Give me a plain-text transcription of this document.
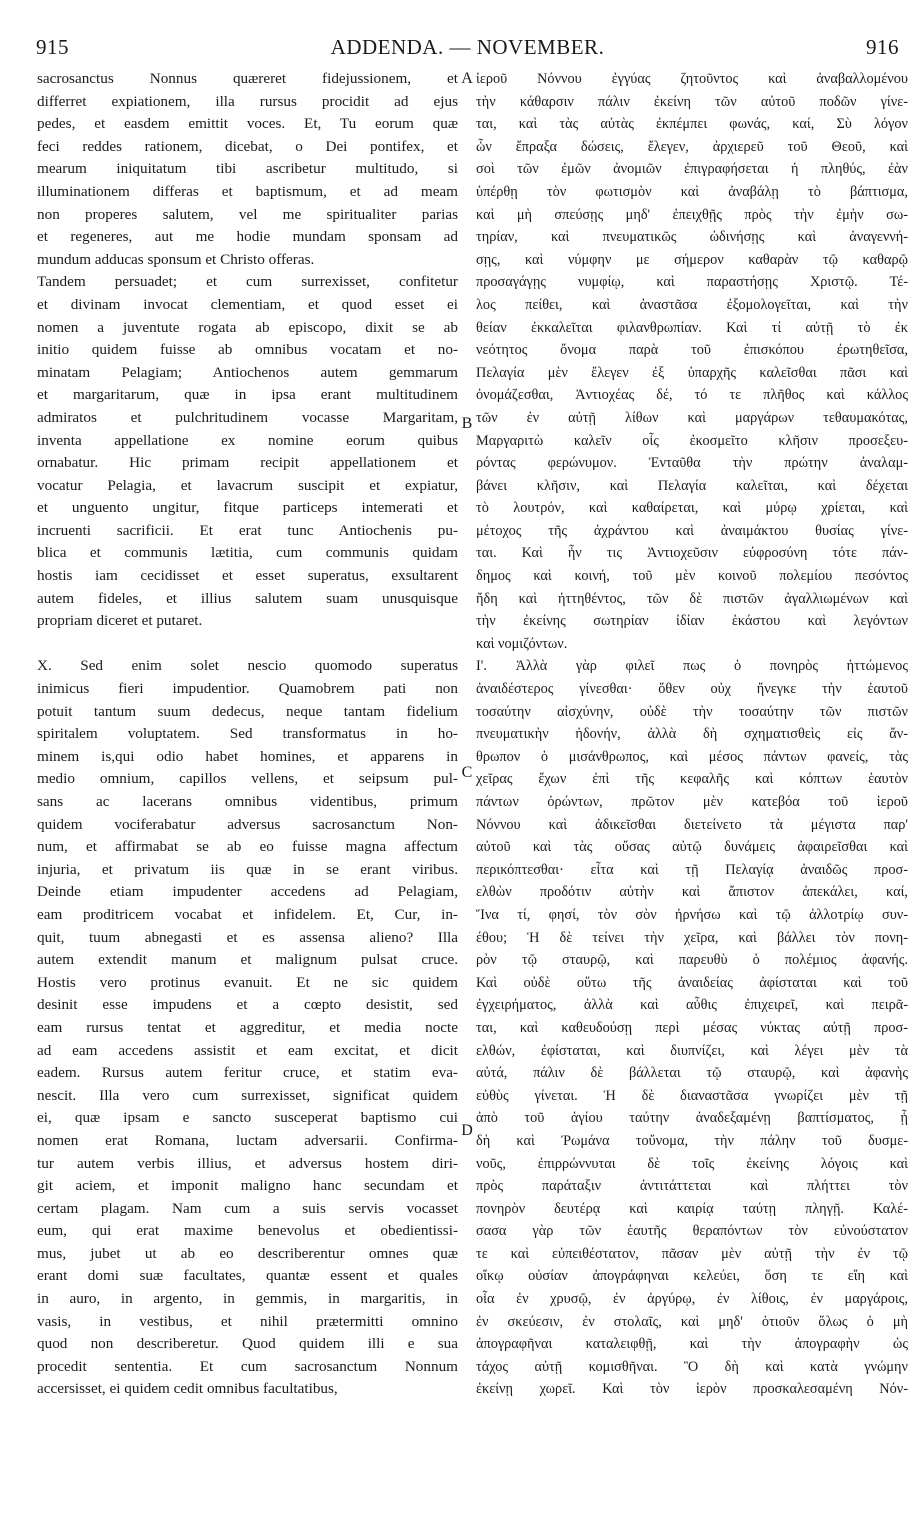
915	ADDENDA. — NOVEMBER.	916
sacrosanctus Nonnus quæreret fidejussionem, et
differret expiationem, illa rursus procidit ad ejus
pedes, et easdem emittit voces. Et, Tu eorum quæ
feci reddes rationem, dicebat, o Dei pontifex, et
mearum iniquitatum tibi ascribetur multitudo, si
illuminationem differas et baptismum, et ad meam
non properes salutem, vel me spiritualiter parias
et regeneres, aut me hodie mundam sponsam ad
mundum adducas sponsum et Christo offeras.
Tandem persuadet; et cum surrexisset, confitetur
et divinam invocat clementiam, et quod esset ei
nomen a juventute rogata ab episcopo, dixit se ab
initio quidem fuisse ab omnibus vocatam et no-
minatam Pelagiam; Antiochenos autem gemmarum
et margaritarum, quæ in ipsa erant multitudinem
admiratos et pulchritudinem vocasse Margaritam,
inventa appellatione ex nomine eorum quibus
ornabatur. Hic primam recipit appellationem et
vocatur Pelagia, et lavacrum suscipit et expiatur,
et unguento ungitur, fitque particeps intemerati et
incruenti sacrificii. Et erat tunc Antiochenis pu-
blica et communis lætitia, cum communis quidam
hostis iam cecidisset et esset superatus, exsultarent
autem fideles, et illius salutem suam unusquisque
propriam diceret et putaret.
X. Sed enim solet nescio quomodo superatus
inimicus fieri impudentior. Quamobrem pati non
potuit tantum suum dedecus, neque tantam fidelium
spiritalem voluptatem. Sed transformatus in ho-
minem is,qui odio habet homines, et apparens in
medio omnium, capillos vellens, et seipsum pul-
sans ac lacerans omnibus videntibus, primum
quidem vociferabatur adversus sacrosanctum Non-
num, et affirmabat se ab eo fuisse magna affectum
injuria, et privatum iis quæ in se erant viribus.
Deinde etiam impudenter accedens ad Pelagiam,
eam proditricem vocabat et infidelem. Et, Cur, in-
quit, tuum abnegasti et es assensa alieno? Illa
autem extendit manum et malignum pulsat cruce.
Hostis vero protinus evanuit. Et ne sic quidem
desinit esse impudens et a cœpto desistit, sed
eam rursus tentat et aggreditur, et media nocte
ad eam accedens assistit et eam excitat, et dicit
eadem. Rursus autem feritur cruce, et statim eva-
nescit. Illa vero cum surrexisset, significat quidem
ei, quæ ipsam e sancto susceperat baptismo cui
nomen erat Romana, luctam adversarii. Confirma-
tur autem verbis illius, et adversus hostem diri-
git aciem, et imponit maligno hanc secundam et
certam plagam. Nam cum a suis servis vocasset
eum, qui erat maxime benevolus et obedientissi-
mus, jubet ut ab eo describerentur omnes quæ
erant domi suæ facultates, quantæ essent et quales
in auro, in argento, in gemmis, in margaritis, in
vasis, in vestibus, et nihil prætermitti omnino
quod non describeretur. Quod quidem illi e sua
procedit sententia. Et cum sacrosanctum Nonnum
accersisset, ei quidem cedit omnibus facultatibus,
ἱεροῦ Νόννου ἐγγύας ζητοῦντος καὶ ἀναβαλλομένου
τὴν κάθαρσιν πάλιν ἐκείνη τῶν αὐτοῦ ποδῶν γίνε-
ται, καὶ τὰς αὐτὰς ἐκπέμπει φωνάς, καί, Σὺ λόγον
ὧν ἔπραξα δώσεις, ἔλεγεν, ἀρχιερεῦ τοῦ Θεοῦ, καὶ
σοὶ τῶν ἐμῶν ἀνομιῶν ἐπιγραφήσεται ἡ πληθύς, ἐὰν
ὑπέρθῃ τὸν φωτισμὸν καὶ ἀναβάλῃ τὸ βάπτισμα,
καὶ μὴ σπεύσῃς μηδ' ἐπειχθῇς πρὸς τὴν ἐμὴν σω-
τηρίαν, καὶ πνευματικῶς ὠδινήσῃς καὶ ἀναγεννή-
σῃς, καὶ νύμφην με σήμερον καθαρὰν τῷ καθαρῷ
προσαγάγῃς νυμφίῳ, καὶ παραστήσῃς Χριστῷ. Τέ-
λος πείθει, καὶ ἀναστᾶσα ἐξομολογεῖται, καὶ τὴν
θείαν ἐκκαλεῖται φιλανθρωπίαν. Καὶ τί αὐτῇ τὸ ἐκ
νεότητος ὄνομα παρὰ τοῦ ἐπισκόπου ἐρωτηθεῖσα,
Πελαγία μὲν ἔλεγεν ἐξ ὑπαρχῆς καλεῖσθαι πᾶσι καὶ
ὀνομάζεσθαι, Ἀντιοχέας δέ, τό τε πλῆθος καὶ κάλλος
τῶν ἐν αὐτῇ λίθων καὶ μαργάρων τεθαυμακότας,
Μαργαριτὼ καλεῖν οἷς ἐκοσμεῖτο κλῆσιν προσεξευ-
ρόντας φερώνυμον. Ἐνταῦθα τὴν πρώτην ἀναλαμ-
βάνει κλῆσιν, καὶ Πελαγία καλεῖται, καὶ δέχεται
τὸ λουτρόν, καὶ καθαίρεται, καὶ μύρῳ χρίεται, καὶ
μέτοχος τῆς ἀχράντου καὶ ἀναιμάκτου θυσίας γίνε-
ται. Καὶ ἦν τις Ἀντιοχεῦσιν εὐφροσύνη τότε πάν-
δημος καὶ κοινή, τοῦ μὲν κοινοῦ πολεμίου πεσόντος
ἤδη καὶ ἡττηθέντος, τῶν δὲ πιστῶν ἀγαλλιωμένων καὶ
τὴν ἐκείνης σωτηρίαν ἰδίαν ἑκάστου καὶ λεγόντων
καὶ νομιζόντων.
Ι'. Ἀλλὰ γὰρ φιλεῖ πως ὁ πονηρὸς ἡττώμενος
ἀναιδέστερος γίνεσθαι· ὅθεν οὐχ ἤνεγκε τὴν ἑαυτοῦ
τοσαύτην αἰσχύνην, οὐδὲ τὴν τοσαύτην τῶν πιστῶν
πνευματικὴν ἡδονήν, ἀλλὰ δὴ σχηματισθεὶς εἰς ἄν-
θρωπον ὁ μισάνθρωπος, καὶ μέσος πάντων φανείς, τὰς
χεῖρας ἔχων ἐπὶ τῆς κεφαλῆς καὶ κόπτων ἑαυτὸν
πάντων ὁρώντων, πρῶτον μὲν κατεβόα τοῦ ἱεροῦ
Νόννου καὶ ἀδικεῖσθαι διετείνετο τὰ μέγιστα παρ'
αὐτοῦ καὶ τὰς οὔσας αὐτῷ δυνάμεις ἀφαιρεῖσθαι καὶ
περικόπτεσθαι· εἶτα καὶ τῇ Πελαγίᾳ ἀναιδῶς προσ-
ελθὼν προδότιν αὐτὴν καὶ ἄπιστον ἀπεκάλει, καί,
Ἵνα τί, φησί, τὸν σὸν ἠρνήσω καὶ τῷ ἀλλοτρίῳ συν-
έθου; Ἡ δὲ τείνει τὴν χεῖρα, καὶ βάλλει τὸν πονη-
ρὸν τῷ σταυρῷ, καὶ παρευθὺ ὁ πολέμιος ἀφανής.
Καὶ οὐδὲ οὕτω τῆς ἀναιδείας ἀφίσταται καὶ τοῦ
ἐγχειρήματος, ἀλλὰ καὶ αὖθις ἐπιχειρεῖ, καὶ πειρᾶ-
ται, καὶ καθευδούσῃ περὶ μέσας νύκτας αὐτῇ προσ-
ελθών, ἐφίσταται, καὶ διυπνίζει, καὶ λέγει μὲν τὰ
αὐτά, πάλιν δὲ βάλλεται τῷ σταυρῷ, καὶ ἀφανὴς
εὐθὺς γίνεται. Ἡ δὲ διαναστᾶσα γνωρίζει μὲν τῇ
ἀπὸ τοῦ ἁγίου ταύτην ἀναδεξαμένῃ βαπτίσματος, ᾗ
δὴ καὶ Ῥωμάνα τοὔνομα, τὴν πάλην τοῦ δυσμε-
νοῦς, ἐπιρρώννυται δὲ τοῖς ἐκείνης λόγοις καὶ
πρὸς παράταξιν ἀντιτάττεται καὶ πλήττει τὸν
πονηρὸν δευτέρᾳ καὶ καιρίᾳ ταύτῃ πληγῇ. Καλέ-
σασα γὰρ τῶν ἑαυτῆς θεραπόντων τὸν εὐνούστατον
τε καὶ εὐπειθέστατον, πᾶσαν μὲν αὐτῇ τὴν ἐν τῷ
οἴκῳ οὐσίαν ἀπογράφηναι κελεύει, ὅση τε εἴη καὶ
οἷα ἐν χρυσῷ, ἐν ἀργύρῳ, ἐν λίθοις, ἐν μαργάροις,
ἐν σκεύεσιν, ἐν στολαῖς, καὶ μηδ' ὁτιοῦν ὅλως ὁ μὴ
ἀπογραφῆναι καταλειφθῇ, καὶ τὴν ἀπογραφὴν ὡς
τάχος αὐτῇ κομισθῆναι. Ὃ δὴ καὶ κατὰ γνώμην
ἐκείνῃ χωρεῖ. Καὶ τὸν ἱερὸν προσκαλεσαμένη Νόν-
A
B
C
D
